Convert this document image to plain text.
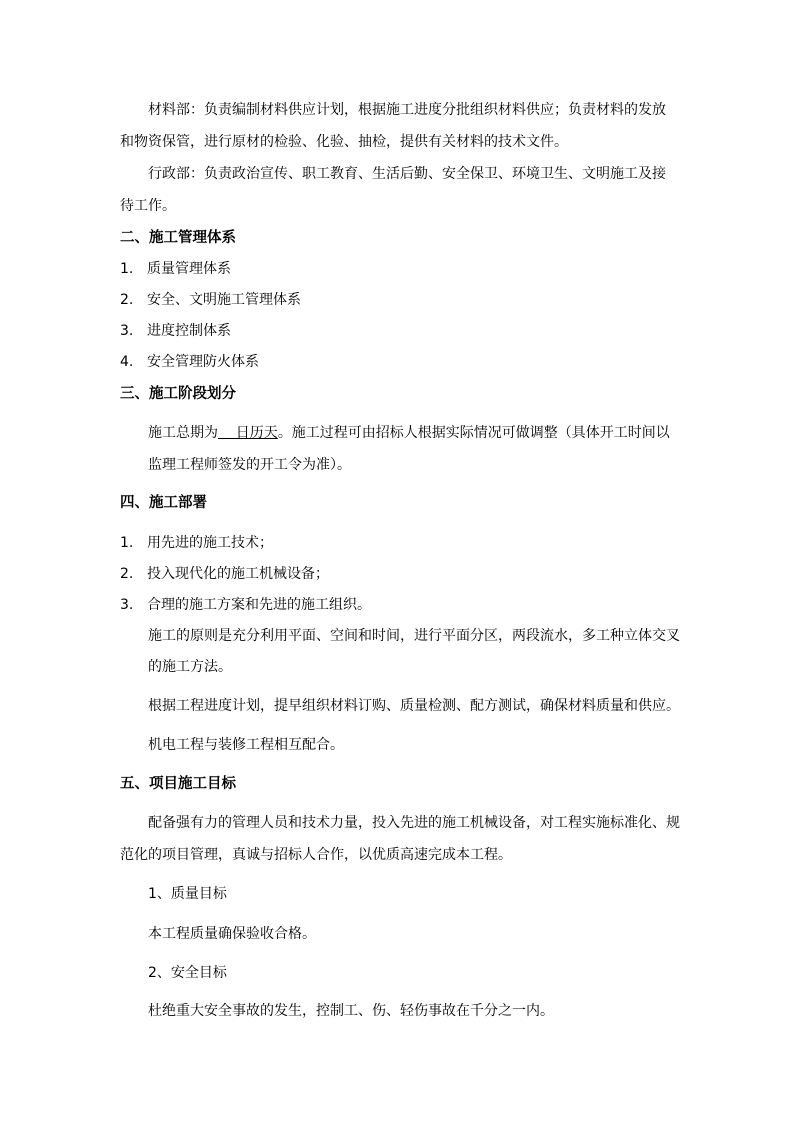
材料部：负责编制材料供应计划，根据施工进度分批组织材料供应；负责材料的发放
和物资保管，进行原材的检验、化验、抽检，提供有关材料的技术文件。
行政部：负责政治宣传、职工教育、生活后勤、安全保卫、环境卫生、文明施工及接
待工作。
二、施工管理体系
1. 质量管理体系
2. 安全、文明施工管理体系
3. 进度控制体系
4. 安全管理防火体系
三、施工阶段划分
施工总期为    日历天。施工过程可由招标人根据实际情况可做调整（具体开工时间以
监理工程师签发的开工令为准）。
四、施工部署
1. 用先进的施工技术；
2. 投入现代化的施工机械设备；
3. 合理的施工方案和先进的施工组织。
施工的原则是充分利用平面、空间和时间，进行平面分区，两段流水，多工种立体交叉
的施工方法。
根据工程进度计划，提早组织材料订购、质量检测、配方测试，确保材料质量和供应。
机电工程与装修工程相互配合。
五、项目施工目标
配备强有力的管理人员和技术力量，投入先进的施工机械设备，对工程实施标准化、规
范化的项目管理，真诚与招标人合作，以优质高速完成本工程。
1、质量目标
本工程质量确保验收合格。
2、安全目标
杜绝重大安全事故的发生，控制工、伤、轻伤事故在千分之一内。
